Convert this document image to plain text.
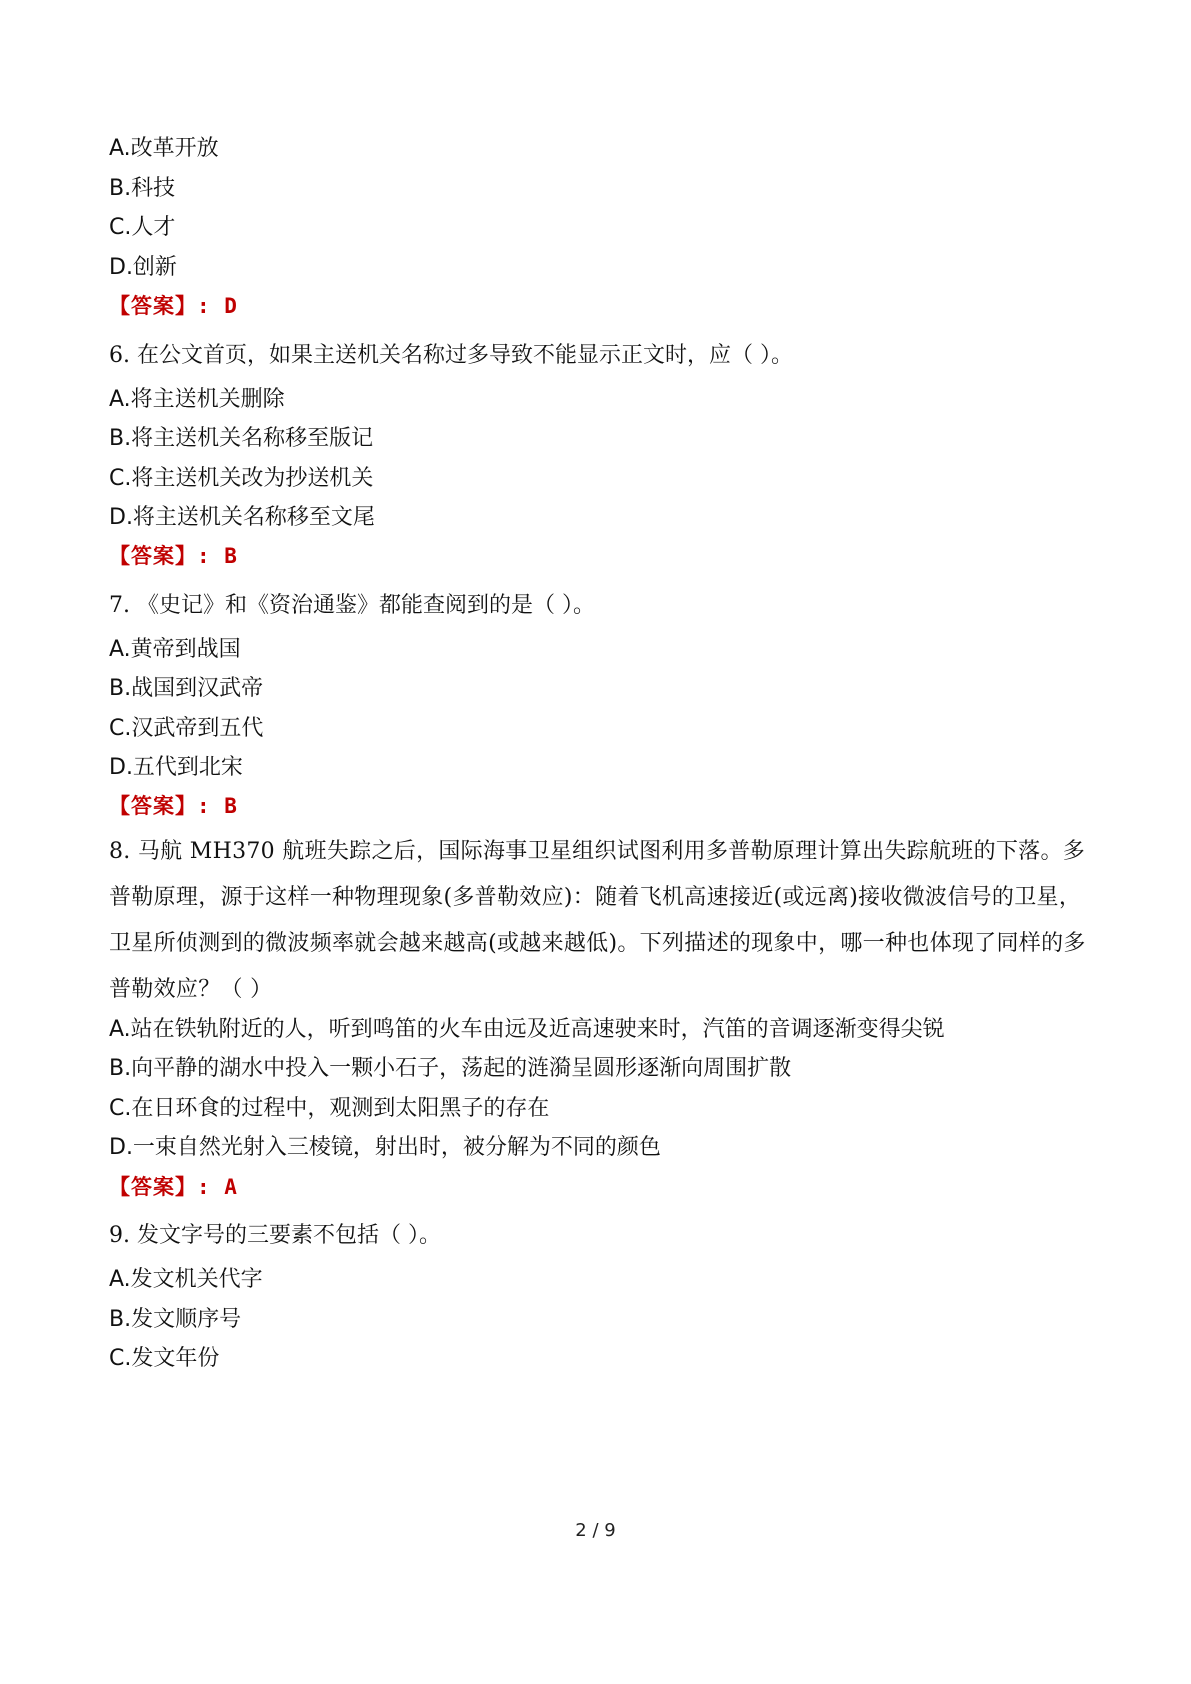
A.改革开放
B.科技
C.人才
D.创新
【答案】: D
6. 在公文首页，如果主送机关名称过多导致不能显示正文时，应（ ）。
A.将主送机关删除
B.将主送机关名称移至版记
C.将主送机关改为抄送机关
D.将主送机关名称移至文尾
【答案】: B
7. 《史记》和《资治通鉴》都能查阅到的是（ ）。
A.黄帝到战国
B.战国到汉武帝
C.汉武帝到五代
D.五代到北宋
【答案】: B
8. 马航 MH370 航班失踪之后，国际海事卫星组织试图利用多普勒原理计算出失踪航班的下落。多普勒原理，源于这样一种物理现象(多普勒效应)：随着飞机高速接近(或远离)接收微波信号的卫星，卫星所侦测到的微波频率就会越来越高(或越来越低)。下列描述的现象中，哪一种也体现了同样的多普勒效应？（ ）
A.站在铁轨附近的人，听到鸣笛的火车由远及近高速驶来时，汽笛的音调逐渐变得尖锐
B.向平静的湖水中投入一颗小石子，荡起的涟漪呈圆形逐渐向周围扩散
C.在日环食的过程中，观测到太阳黑子的存在
D.一束自然光射入三棱镜，射出时，被分解为不同的颜色
【答案】: A
9. 发文字号的三要素不包括（ ）。
A.发文机关代字
B.发文顺序号
C.发文年份
2 / 9
